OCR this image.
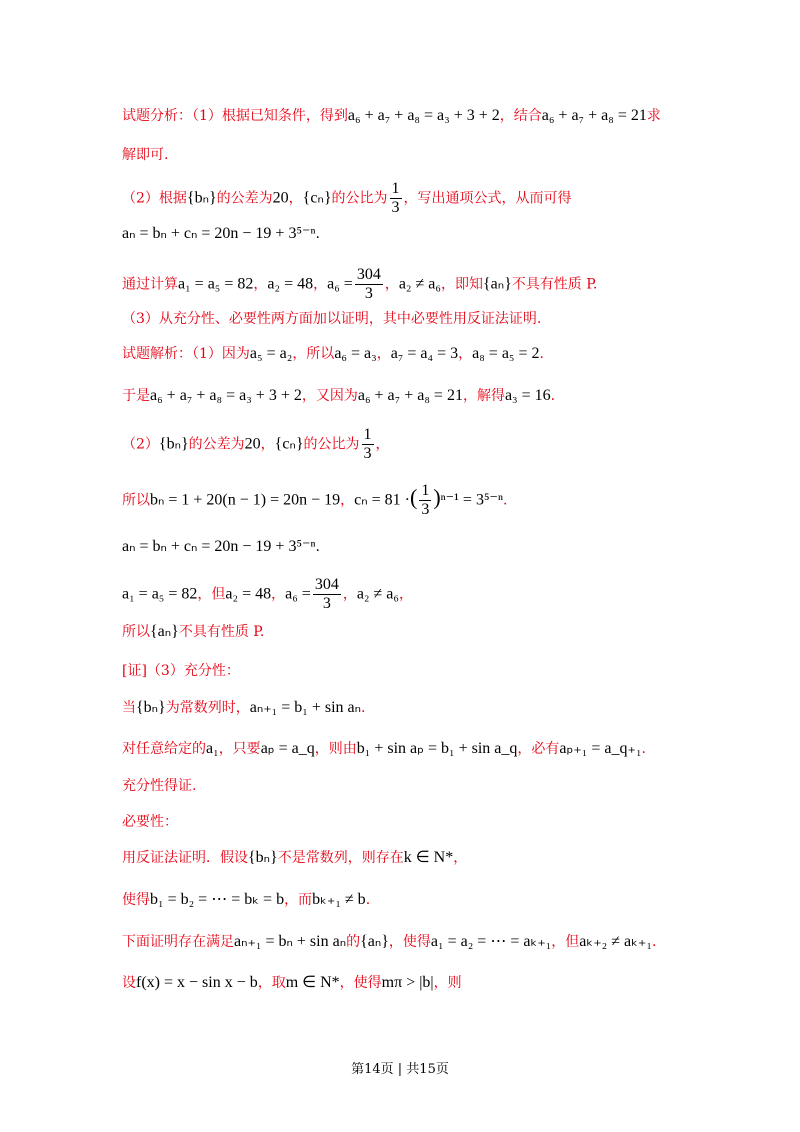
试题分析：（1）根据已知条件，得到a₆ + a₇ + a₈ = a₃ + 3 + 2，结合a₆ + a₇ + a₈ = 21求
解即可.
（2）根据{bₙ}的公差为20，{cₙ}的公比为 $\frac{1}{3}$ ，写出通项公式，从而可得
aₙ = bₙ + cₙ = 20n − 19 + 3⁵⁻ⁿ.
通过计算a₁ = a₅ = 82，a₂ = 48，$a_6 = \frac{304}{3}$ ，a₂ ≠ a₆，即知{aₙ}不具有性质 P.
（3）从充分性、必要性两方面加以证明，其中必要性用反证法证明.
试题解析：（1）因为a₅ = a₂，所以a₆ = a₃，a₇ = a₄ = 3，a₈ = a₅ = 2.
于是a₆ + a₇ + a₈ = a₃ + 3 + 2，又因为a₆ + a₇ + a₈ = 21，解得a₃ = 16.
（2）{bₙ}的公差为20，{cₙ}的公比为 $\frac{1}{3}$ ，
所以bₙ = 1 + 20(n − 1) = 20n − 19，cₙ = 81 ·( $\frac{1}{3} )^{n-1} = 3^{5-n}$.
aₙ = bₙ + cₙ = 20n − 19 + 3⁵⁻ⁿ.
a₁ = a₅ = 82，但a₂ = 48，$a_6 = \frac{304}{3}$ ，a₂ ≠ a₆，
所以{aₙ}不具有性质 P.
[证]（3）充分性：
当{bₙ}为常数列时，aₙ₊₁ = b₁ + sin aₙ.
对任意给定的a₁，只要aₚ = a_q，则由b₁ + sin aₚ = b₁ + sin a_q，必有aₚ₊₁ = a_q₊₁.
充分性得证.
必要性：
用反证法证明．假设{bₙ}不是常数列，则存在k ∈ N*，
使得b₁ = b₂ = ⋯ = bₖ = b，而bₖ₊₁ ≠ b.
下面证明存在满足aₙ₊₁ = bₙ + sin aₙ的{aₙ}，使得a₁ = a₂ = ⋯ = aₖ₊₁，但aₖ₊₂ ≠ aₖ₊₁.
设f(x) = x − sin x − b，取m ∈ N*，使得mπ > |b|，则
第14页 | 共15页
